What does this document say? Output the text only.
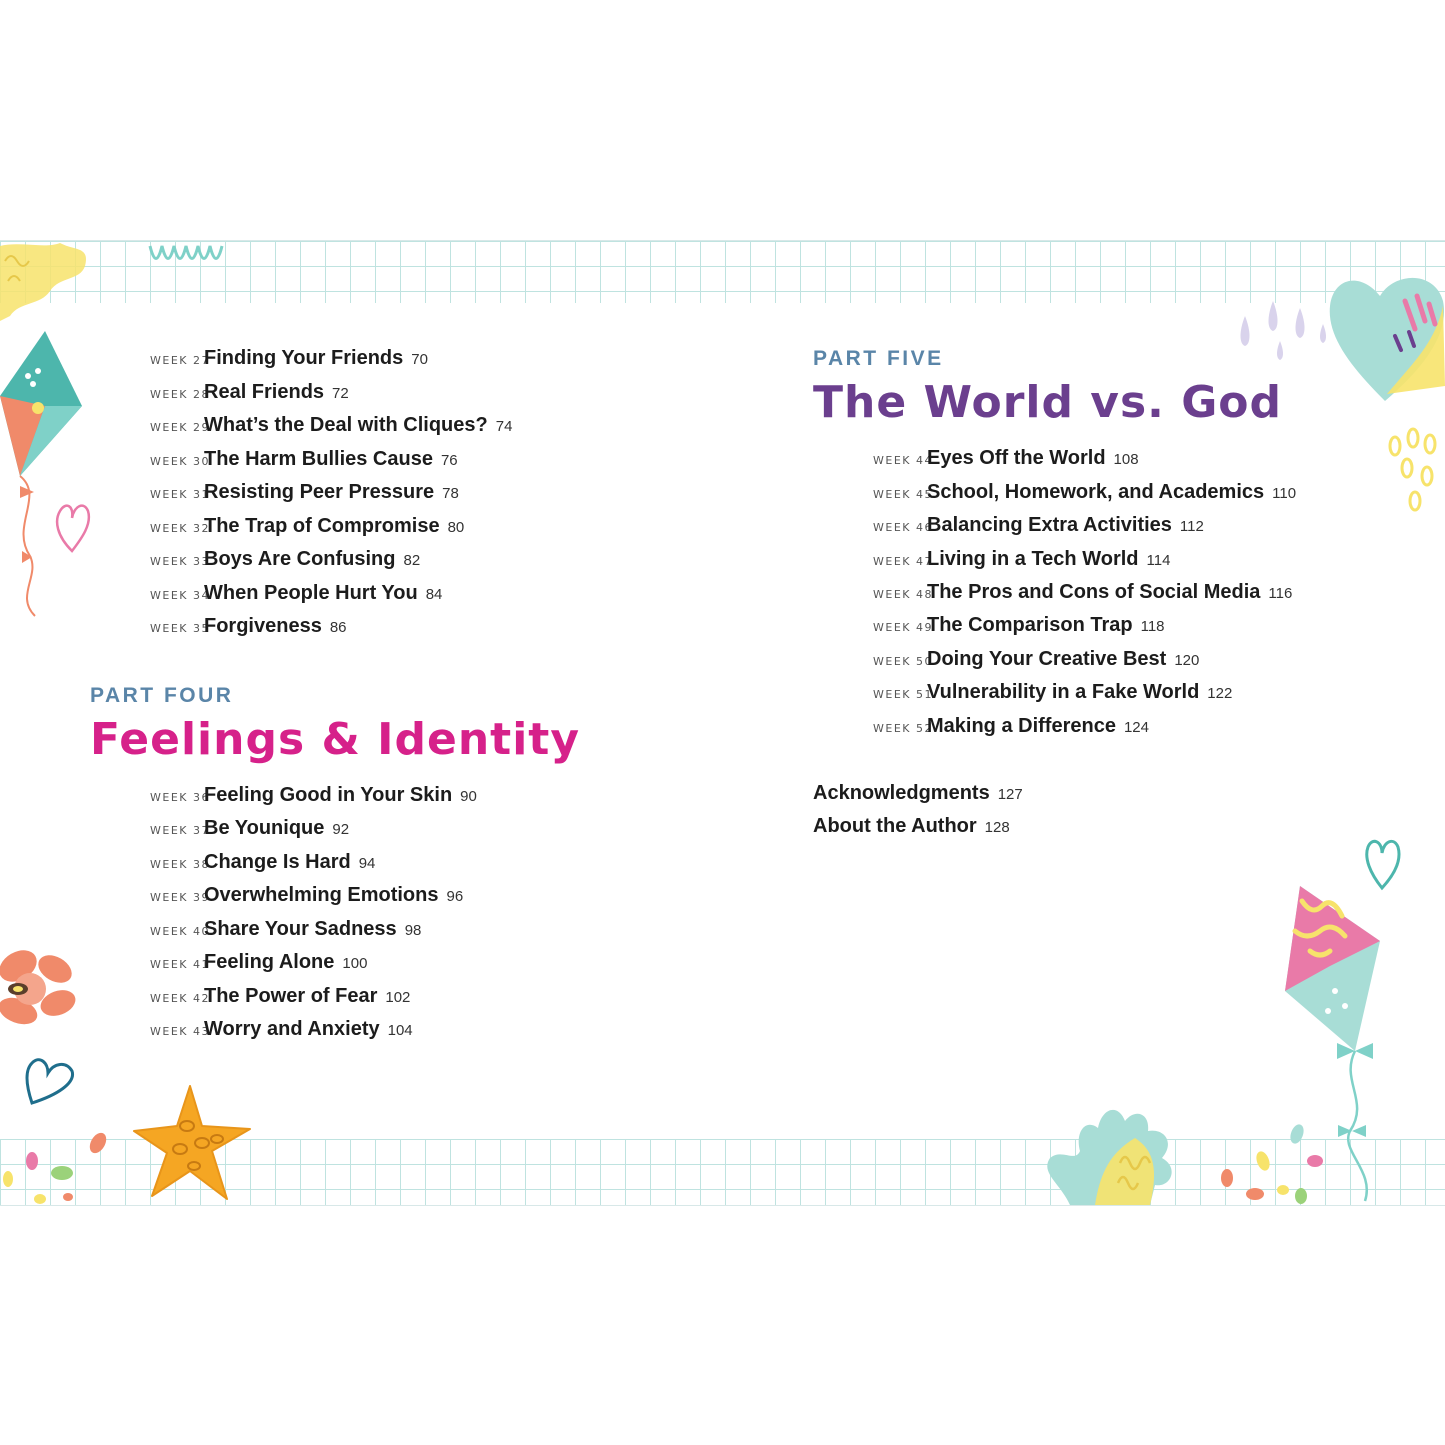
WEEK 27
Finding Your Friends 70
WEEK 28
Real Friends 72
WEEK 29
What’s the Deal with Cliques? 74
WEEK 30
The Harm Bullies Cause 76
WEEK 31
Resisting Peer Pressure 78
WEEK 32
The Trap of Compromise 80
WEEK 33
Boys Are Confusing 82
WEEK 34
When People Hurt You 84
WEEK 35
Forgiveness 86
PART FOUR
Feelings & Identity
WEEK 36
Feeling Good in Your Skin 90
WEEK 37
Be Younique 92
WEEK 38
Change Is Hard 94
WEEK 39
Overwhelming Emotions 96
WEEK 40
Share Your Sadness 98
WEEK 41
Feeling Alone 100
WEEK 42
The Power of Fear 102
WEEK 43
Worry and Anxiety 104
PART FIVE
The World vs. God
WEEK 44
Eyes Off the World 108
WEEK 45
School, Homework, and Academics 110
WEEK 46
Balancing Extra Activities 112
WEEK 47
Living in a Tech World 114
WEEK 48
The Pros and Cons of Social Media 116
WEEK 49
The Comparison Trap 118
WEEK 50
Doing Your Creative Best 120
WEEK 51
Vulnerability in a Fake World 122
WEEK 52
Making a Difference 124
Acknowledgments 127
About the Author 128
